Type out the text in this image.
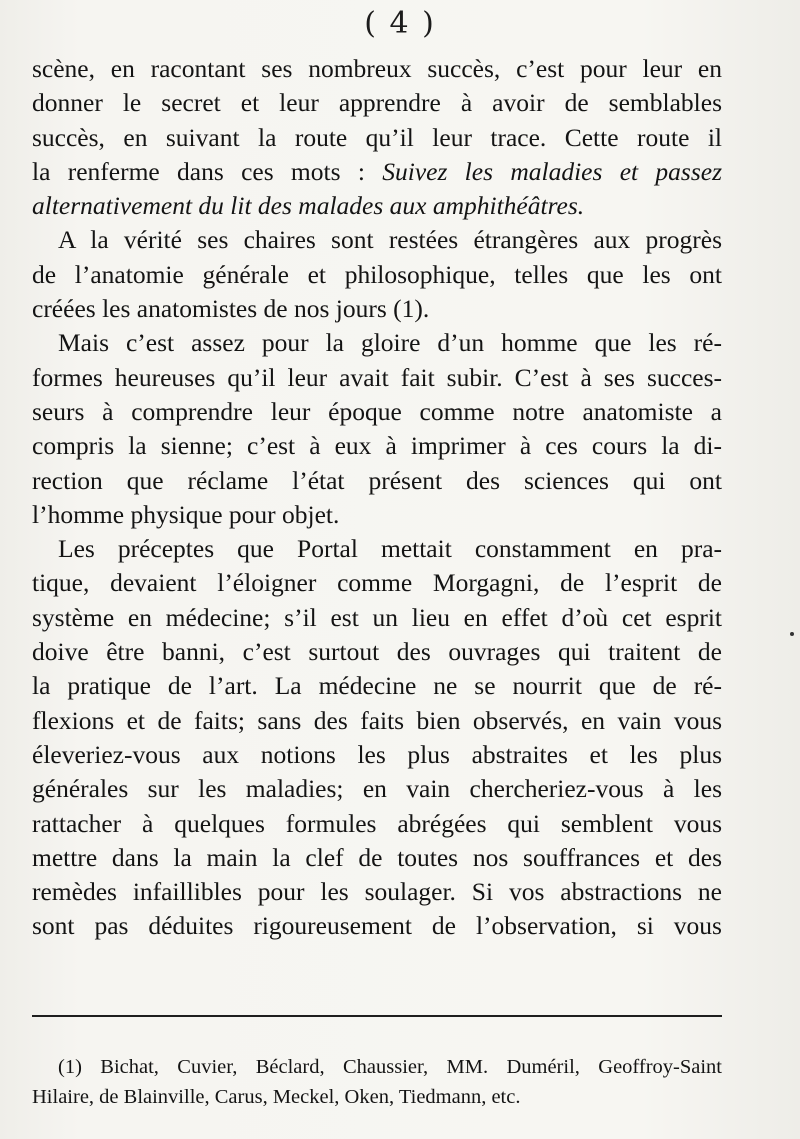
( 4 )
scène, en racontant ses nombreux succès, c’est pour leur en
donner le secret et leur apprendre à avoir de semblables
succès, en suivant la route qu’il leur trace. Cette route il
la renferme dans ces mots : Suivez les maladies et passez
alternativement du lit des malades aux amphithéâtres.
A la vérité ses chaires sont restées étrangères aux progrès
de l’anatomie générale et philosophique, telles que les ont
créées les anatomistes de nos jours (1).
Mais c’est assez pour la gloire d’un homme que les ré-
formes heureuses qu’il leur avait fait subir. C’est à ses succes-
seurs à comprendre leur époque comme notre anatomiste a
compris la sienne; c’est à eux à imprimer à ces cours la di-
rection que réclame l’état présent des sciences qui ont
l’homme physique pour objet.
Les préceptes que Portal mettait constamment en pra-
tique, devaient l’éloigner comme Morgagni, de l’esprit de
système en médecine; s’il est un lieu en effet d’où cet esprit
doive être banni, c’est surtout des ouvrages qui traitent de
la pratique de l’art. La médecine ne se nourrit que de ré-
flexions et de faits; sans des faits bien observés, en vain vous
éleveriez-vous aux notions les plus abstraites et les plus
générales sur les maladies; en vain chercheriez-vous à les
rattacher à quelques formules abrégées qui semblent vous
mettre dans la main la clef de toutes nos souffrances et des
remèdes infaillibles pour les soulager. Si vos abstractions ne
sont pas déduites rigoureusement de l’observation, si vous
(1) Bichat, Cuvier, Béclard, Chaussier, MM. Duméril, Geoffroy-Saint
Hilaire, de Blainville, Carus, Meckel, Oken, Tiedmann, etc.
